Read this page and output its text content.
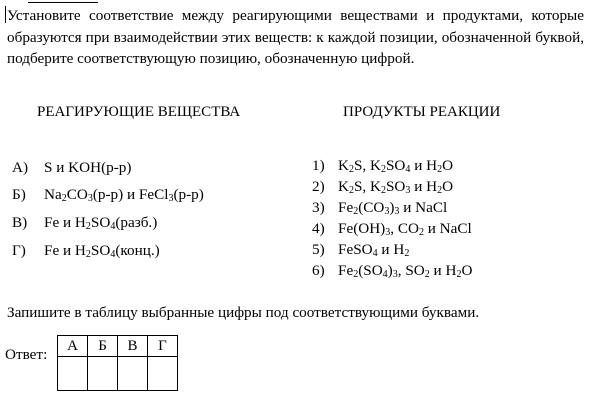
Установите соответствие между реагирующими веществами и продуктами, которые образуются при взаимодействии этих веществ: к каждой позиции, обозначенной буквой, подберите соответствующую позицию, обозначенную цифрой.
РЕАГИРУЮЩИЕ ВЕЩЕСТВА	ПРОДУКТЫ РЕАКЦИИ
А) S и KOH(р-р)
Б) $Na_2CO_3(р-р)$ и FeCl$_3$(р-р)
В) Fe и $H_2SO_4(разб.)$
Г) Fe и $H_2SO_4(конц.)$
1) $K_2S$, $K_2SO_4$ и $H_2O$
2) $K_2S$, $K_2SO_3$ и $H_2O$
3) $Fe_2(CO_3)_3$ и NaCl
4) $Fe(OH)_3$, $CO_2$ и NaCl
5) FeSO$_4$ и $H_2$
6) $Fe_2(SO_4)_3$, $SO_2$ и $H_2O$
Запишите в таблицу выбранные цифры под соответствующими буквами.
Ответ:
А	Б	В	Г
